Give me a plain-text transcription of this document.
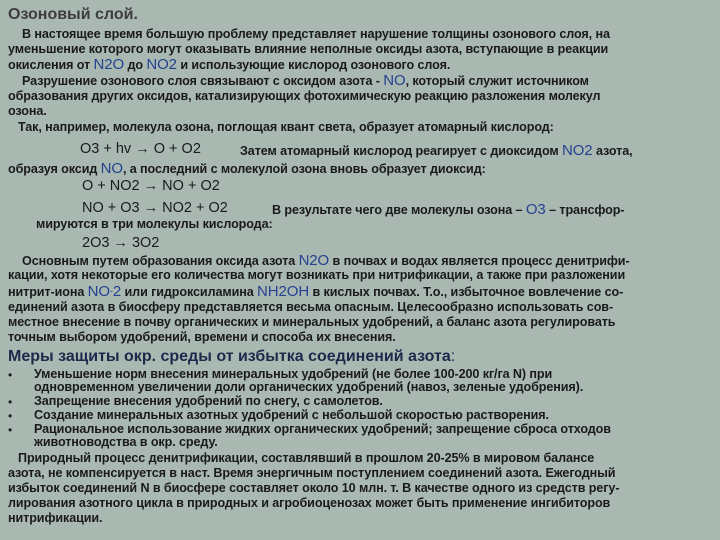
Озоновый слой.
В настоящее время большую проблему представляет нарушение толщины озонового слоя, на
уменьшение которого могут оказывать влияние неполные оксиды азота, вступающие в реакции
окисления от N2O до NO2 и использующие кислород озонового слоя.
Разрушение озонового слоя связывают с оксидом азота - NO, который служит источником
образования других оксидов, катализирующих фотохимическую реакцию разложения молекул
озона.
Так, например, молекула озона, поглощая квант света, образует атомарный кислород:
O3 + hv → O + O2	Затем атомарный кислород реагирует с диоксидом NO2 азота,
образуя оксид NO, а последний с молекулой озона вновь образует диоксид:
O + NO2 → NO + O2
NO + O3 → NO2 + O2	В результате чего две молекулы озона – O3 – трансфор-
мируются в три молекулы кислорода:
2O3 → 3O2
Основным путем образования оксида азота N2O в почвах и водах является процесс денитрифи-
кации, хотя некоторые его количества могут возникать при нитрификации, а также при разложении
нитрит-иона NO-2 или гидроксиламина NH2OH в кислых почвах. Т.о., избыточное вовлечение со-
единений азота в биосферу представляется весьма опасным. Целесообразно использовать сов-
местное внесение в почву органических и минеральных удобрений, а баланс азота регулировать
точным выбором удобрений, времени и способа их внесения.
Меры защиты окр. среды от избытка соединений азота:
• Уменьшение норм внесения минеральных удобрений (не более 100-200 кг/га N) при
одновременном увеличении доли органических удобрений (навоз, зеленые удобрения).
• Запрещение внесения удобрений по снегу, с самолетов.
• Создание минеральных азотных удобрений с небольшой скоростью растворения.
• Рациональное использование жидких органических удобрений; запрещение сброса отходов
животноводства в окр. среду.
Природный процесс денитрификации, составлявший в прошлом 20-25% в мировом балансе
азота, не компенсируется в наст. Время энергичным поступлением соединений азота. Ежегодный
избыток соединений N в биосфере составляет около 10 млн. т. В качестве одного из средств регу-
лирования азотного цикла в природных и агробиоценозах может быть применение ингибиторов
нитрификации.
